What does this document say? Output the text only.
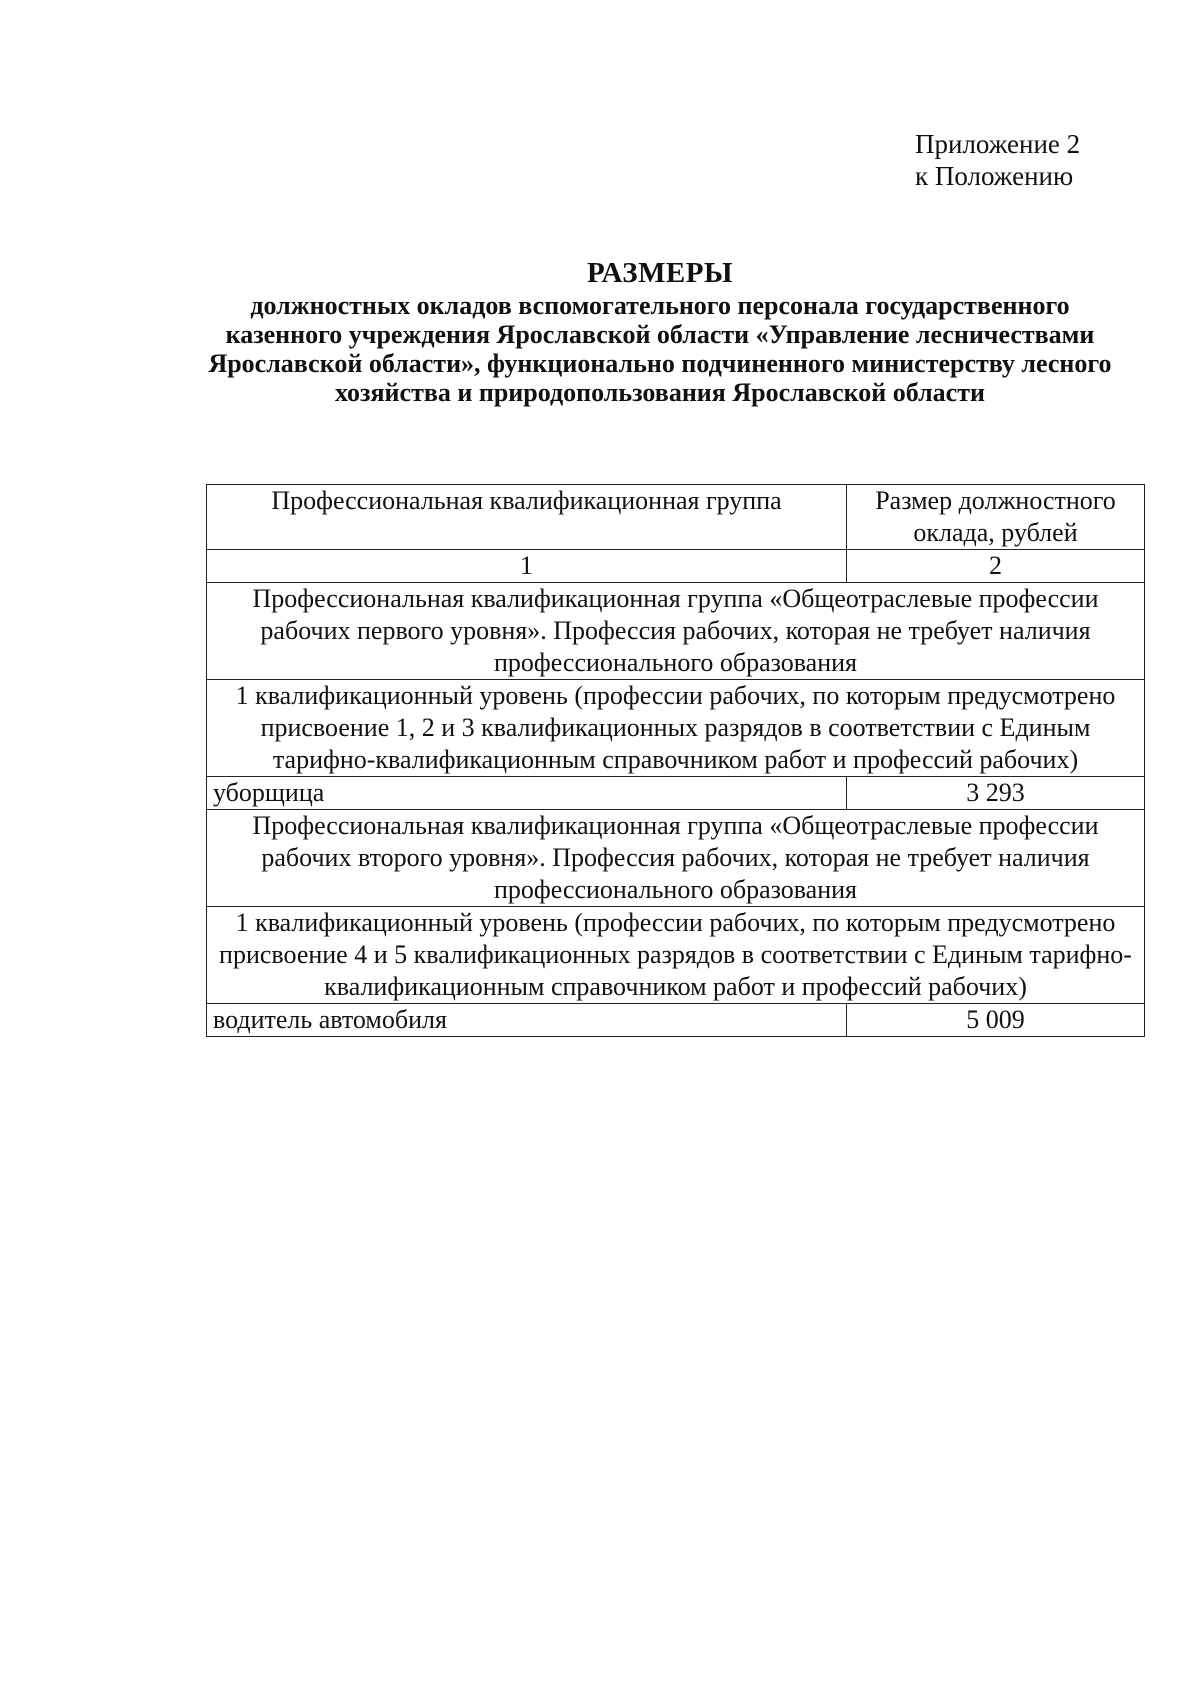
Приложение 2
к Положению
РАЗМЕРЫ
должностных окладов вспомогательного персонала государственного казенного учреждения Ярославской области «Управление лесничествами Ярославской области», функционально подчиненного министерству лесного хозяйства и природопользования Ярославской области
Профессиональная квалификационная группа	Размер должностного оклада, рублей
1	2
Профессиональная квалификационная группа «Общеотраслевые профессии рабочих первого уровня». Профессия рабочих, которая не требует наличия профессионального образования	
1 квалификационный уровень (профессии рабочих, по которым предусмотрено присвоение 1, 2 и 3 квалификационных разрядов в соответствии с Единым тарифно-квалификационным справочником работ и профессий рабочих)	
уборщица	3 293
Профессиональная квалификационная группа «Общеотраслевые профессии рабочих второго уровня». Профессия рабочих, которая не требует наличия профессионального образования	
1 квалификационный уровень (профессии рабочих, по которым предусмотрено присвоение 4 и 5 квалификационных разрядов в соответствии с Единым тарифно-квалификационным справочником работ и профессий рабочих)	
водитель автомобиля	5 009
